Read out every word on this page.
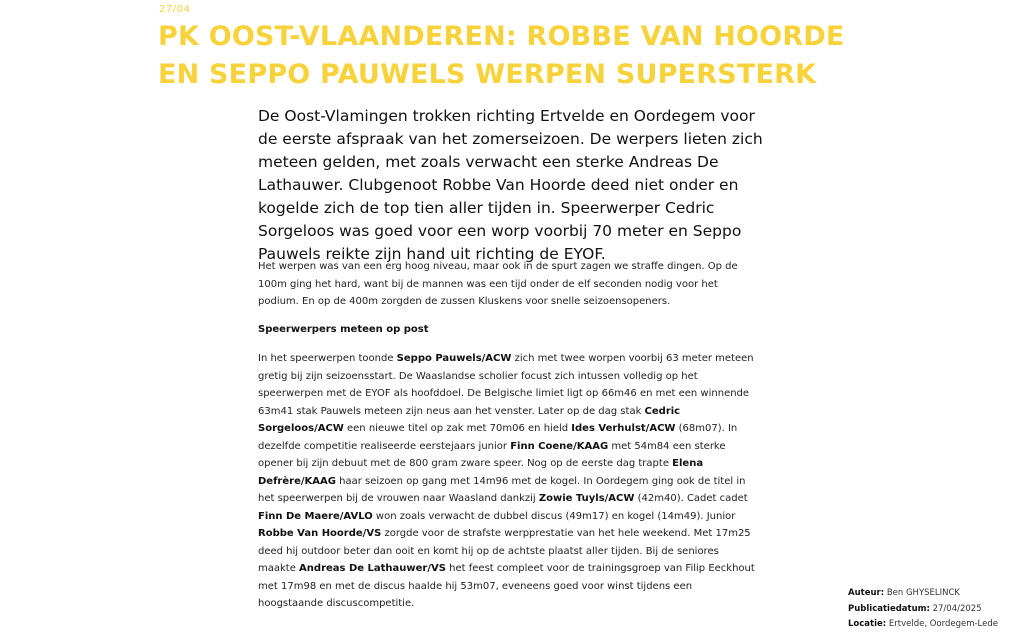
27/04
PK OOST-VLAANDEREN: ROBBE VAN HOORDE EN SEPPO PAUWELS WERPEN SUPERSTERK

De Oost-Vlamingen trokken richting Ertvelde en Oordegem voor de eerste afspraak van het zomerseizoen. De werpers lieten zich meteen gelden, met zoals verwacht een sterke Andreas De Lathauwer. Clubgenoot Robbe Van Hoorde deed niet onder en kogelde zich de top tien aller tijden in. Speerwerper Cedric Sorgeloos was goed voor een worp voorbij 70 meter en Seppo Pauwels reikte zijn hand uit richting de EYOF.

Het werpen was van een erg hoog niveau, maar ook in de spurt zagen we straffe dingen. Op de 100m ging het hard, want bij de mannen was een tijd onder de elf seconden nodig voor het podium. En op de 400m zorgden de zussen Kluskens voor snelle seizoensopeners.

Speerwerpers meteen op post

In het speerwerpen toonde Seppo Pauwels/ACW zich met twee worpen voorbij 63 meter meteen gretig bij zijn seizoensstart. De Waaslandse scholier focust zich intussen volledig op het speerwerpen met de EYOF als hoofddoel. De Belgische limiet ligt op 66m46 en met een winnende 63m41 stak Pauwels meteen zijn neus aan het venster. Later op de dag stak Cedric Sorgeloos/ACW een nieuwe titel op zak met 70m06 en hield Ides Verhulst/ACW (68m07). In dezelfde competitie realiseerde eerstejaars junior Finn Coene/KAAG met 54m84 een sterke opener bij zijn debuut met de 800 gram zware speer. Nog op de eerste dag trapte Elena Defrère/KAAG haar seizoen op gang met 14m96 met de kogel. In Oordegem ging ook de titel in het speerwerpen bij de vrouwen naar Waasland dankzij Zowie Tuyls/ACW (42m40). Cadet cadet Finn De Maere/AVLO won zoals verwacht de dubbel discus (49m17) en kogel (14m49). Junior Robbe Van Hoorde/VS zorgde voor de strafste werpprestatie van het hele weekend. Met 17m25 deed hij outdoor beter dan ooit en komt hij op de achtste plaatst aller tijden. Bij de seniores maakte Andreas De Lathauwer/VS het feest compleet voor de trainingsgroep van Filip Eeckhout met 17m98 en met de discus haalde hij 53m07, eveneens goed voor winst tijdens een hoogstaande discuscompetitie.

Auteur: Ben GHYSELINCK
Publicatiedatum: 27/04/2025
Locatie: Ertvelde, Oordegem-Lede
